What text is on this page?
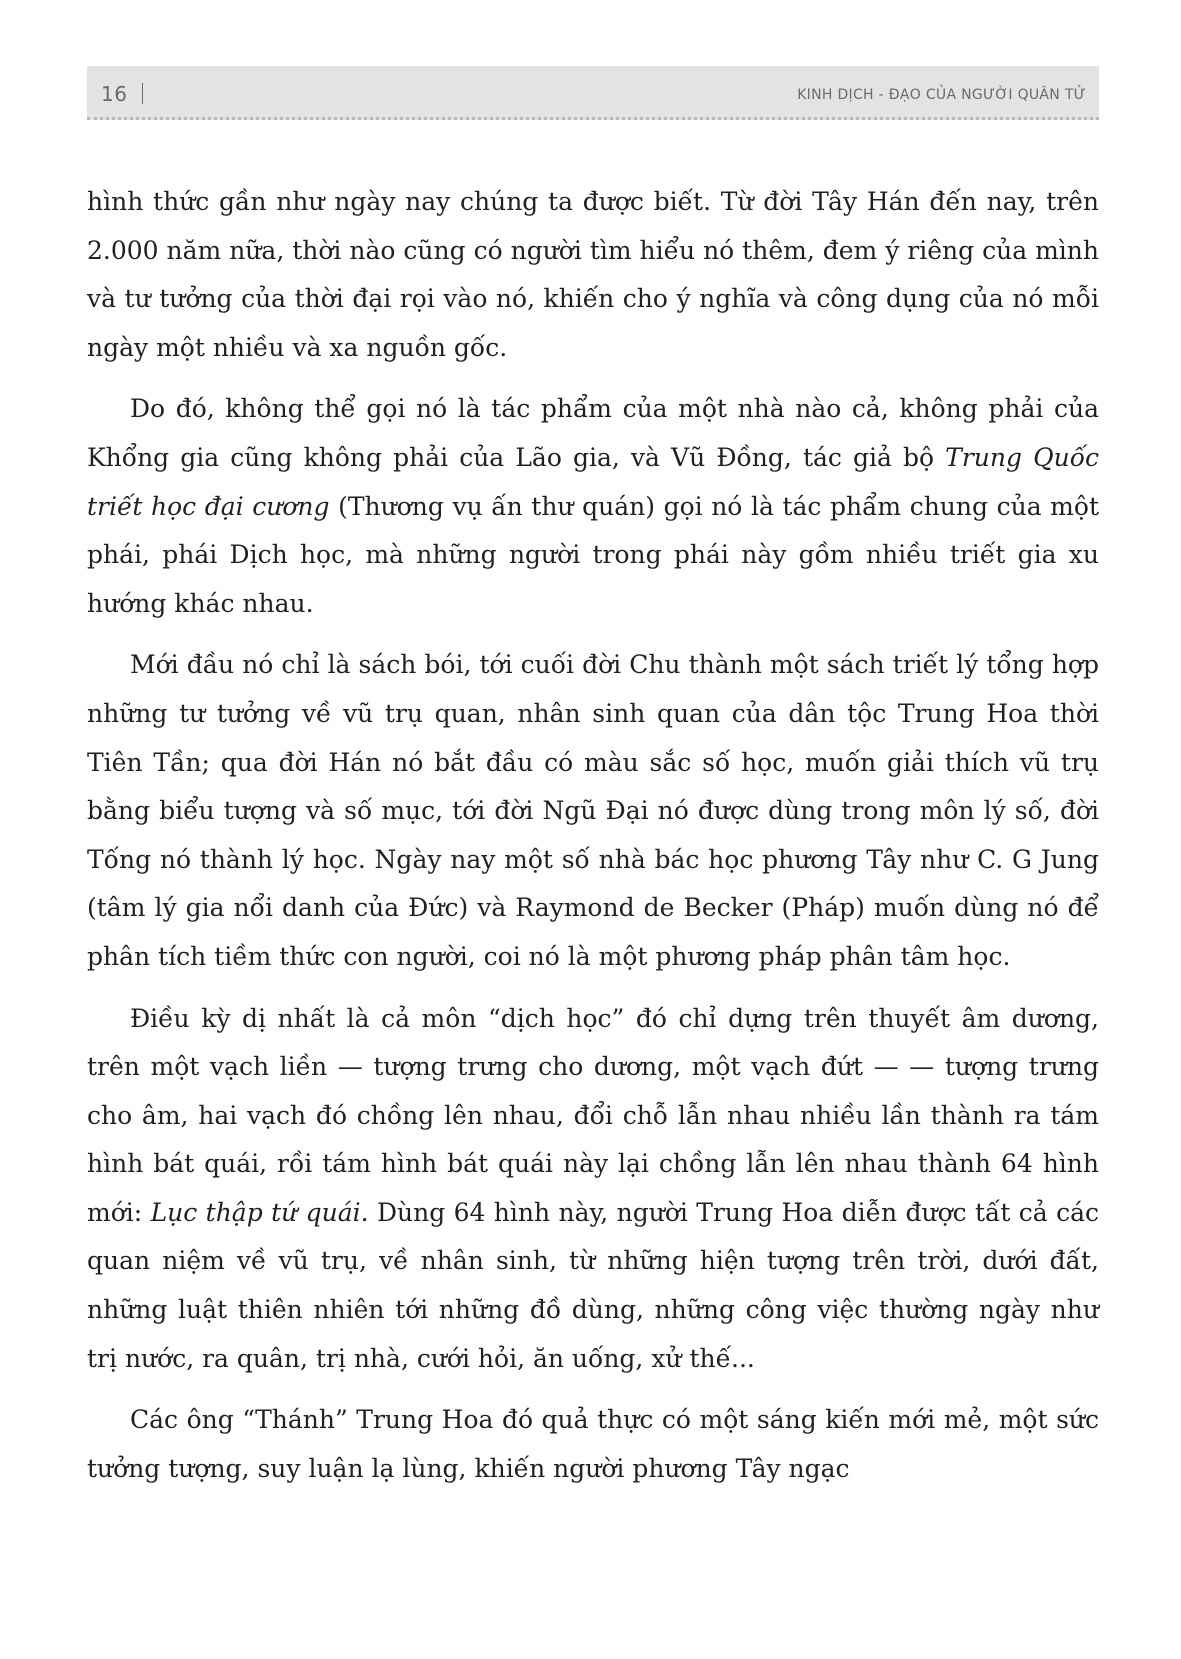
16	KINH DỊCH - ĐẠO CỦA NGƯỜI QUÂN TỬ

hình thức gần như ngày nay chúng ta được biết. Từ đời Tây Hán đến nay, trên 2.000 năm nữa, thời nào cũng có người tìm hiểu nó thêm, đem ý riêng của mình và tư tưởng của thời đại rọi vào nó, khiến cho ý nghĩa và công dụng của nó mỗi ngày một nhiều và xa nguồn gốc.

Do đó, không thể gọi nó là tác phẩm của một nhà nào cả, không phải của Khổng gia cũng không phải của Lão gia, và Vũ Đồng, tác giả bộ Trung Quốc triết học đại cương (Thương vụ ấn thư quán) gọi nó là tác phẩm chung của một phái, phái Dịch học, mà những người trong phái này gồm nhiều triết gia xu hướng khác nhau.

Mới đầu nó chỉ là sách bói, tới cuối đời Chu thành một sách triết lý tổng hợp những tư tưởng về vũ trụ quan, nhân sinh quan của dân tộc Trung Hoa thời Tiên Tần; qua đời Hán nó bắt đầu có màu sắc số học, muốn giải thích vũ trụ bằng biểu tượng và số mục, tới đời Ngũ Đại nó được dùng trong môn lý số, đời Tống nó thành lý học. Ngày nay một số nhà bác học phương Tây như C. G Jung (tâm lý gia nổi danh của Đức) và Raymond de Becker (Pháp) muốn dùng nó để phân tích tiềm thức con người, coi nó là một phương pháp phân tâm học.

Điều kỳ dị nhất là cả môn “dịch học” đó chỉ dựng trên thuyết âm dương, trên một vạch liền — tượng trưng cho dương, một vạch đứt — — tượng trưng cho âm, hai vạch đó chồng lên nhau, đổi chỗ lẫn nhau nhiều lần thành ra tám hình bát quái, rồi tám hình bát quái này lại chồng lẫn lên nhau thành 64 hình mới: Lục thập tứ quái. Dùng 64 hình này, người Trung Hoa diễn được tất cả các quan niệm về vũ trụ, về nhân sinh, từ những hiện tượng trên trời, dưới đất, những luật thiên nhiên tới những đồ dùng, những công việc thường ngày như trị nước, ra quân, trị nhà, cưới hỏi, ăn uống, xử thế...

Các ông “Thánh” Trung Hoa đó quả thực có một sáng kiến mới mẻ, một sức tưởng tượng, suy luận lạ lùng, khiến người phương Tây ngạc
